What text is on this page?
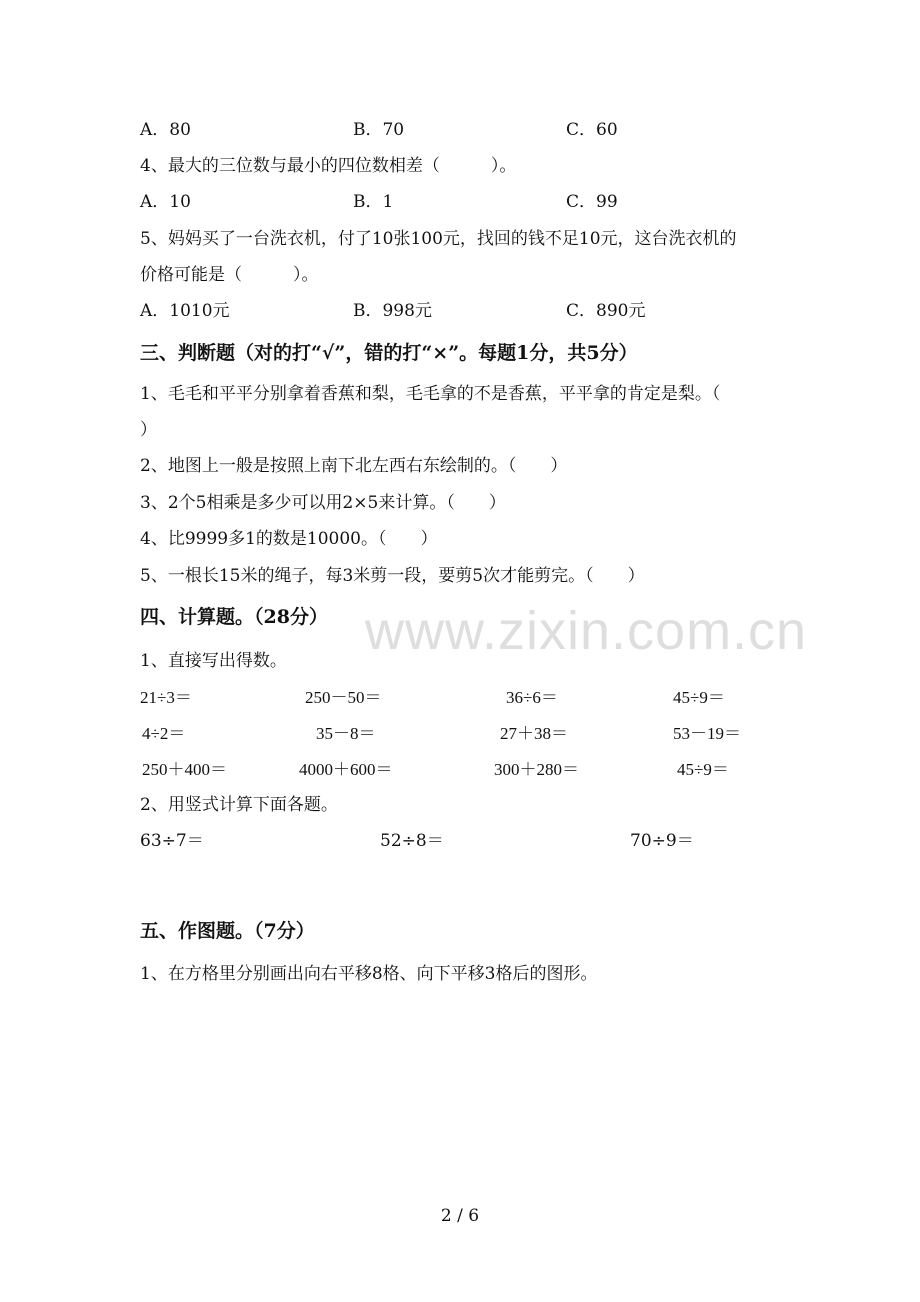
A．80	B．70	C．60
4、最大的三位数与最小的四位数相差（　　　）。
A．10	B．1	C．99
5、妈妈买了一台洗衣机，付了10张100元，找回的钱不足10元，这台洗衣机的
价格可能是（　　　）。
A．1010元	B．998元	C．890元
三、判断题（对的打“√”，错的打“×”。每题1分，共5分）
1、毛毛和平平分别拿着香蕉和梨，毛毛拿的不是香蕉，平平拿的肯定是梨。（
）
2、地图上一般是按照上南下北左西右东绘制的。（　　）
3、2个5相乘是多少可以用2×5来计算。（　　）
4、比9999多1的数是10000。（　　）
5、一根长15米的绳子，每3米剪一段，要剪5次才能剪完。（　　）
www.zixin.com.cn
四、计算题。（28分）
1、直接写出得数。
21÷3＝	250－50＝	36÷6＝	45÷9＝
4÷2＝	35－8＝	27＋38＝	53－19＝
250＋400＝	4000＋600＝	300＋280＝	45÷9＝
2、用竖式计算下面各题。
63÷7＝	52÷8＝	70÷9＝
五、作图题。（7分）
1、在方格里分别画出向右平移8格、向下平移3格后的图形。
2 / 6
